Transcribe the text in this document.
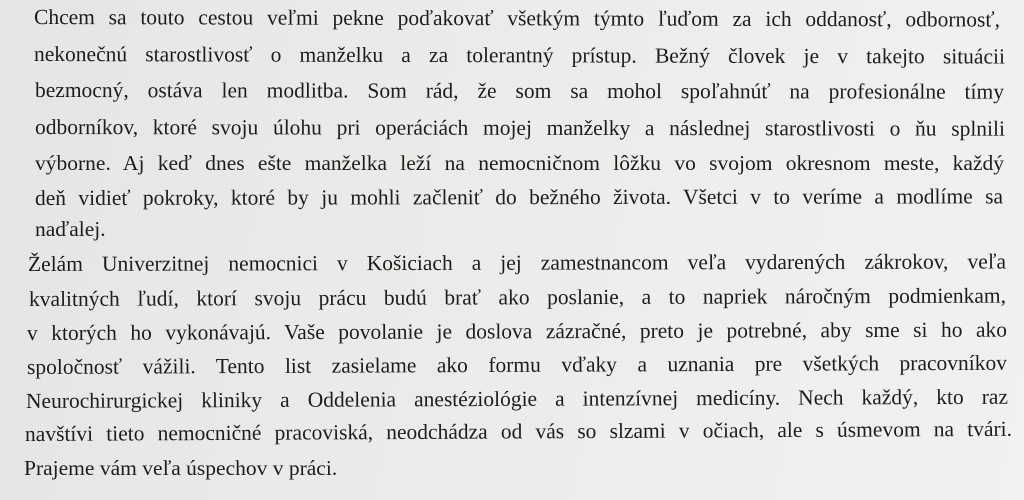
Chcem sa touto cestou veľmi pekne poďakovať všetkým týmto ľuďom za ich oddanosť, odbornosť,
nekonečnú starostlivosť o manželku a za tolerantný prístup. Bežný človek je v takejto situácii
bezmocný, ostáva len modlitba. Som rád, že som sa mohol spoľahnúť na profesionálne tímy
odborníkov, ktoré svoju úlohu pri operáciách mojej manželky a následnej starostlivosti o ňu splnili
výborne. Aj keď dnes ešte manželka leží na nemocničnom lôžku vo svojom okresnom meste, každý
deň vidieť pokroky, ktoré by ju mohli začleniť do bežného života. Všetci v to veríme a modlíme sa
naďalej.
Želám Univerzitnej nemocnici v Košiciach a jej zamestnancom veľa vydarených zákrokov, veľa
kvalitných ľudí, ktorí svoju prácu budú brať ako poslanie, a to napriek náročným podmienkam,
v ktorých ho vykonávajú. Vaše povolanie je doslova zázračné, preto je potrebné, aby sme si ho ako
spoločnosť vážili. Tento list zasielame ako formu vďaky a uznania pre všetkých pracovníkov
Neurochirurgickej kliniky a Oddelenia anestéziológie a intenzívnej medicíny. Nech každý, kto raz
navštívi tieto nemocničné pracoviská, neodchádza od vás so slzami v očiach, ale s úsmevom na tvári.
Prajeme vám veľa úspechov v práci.
